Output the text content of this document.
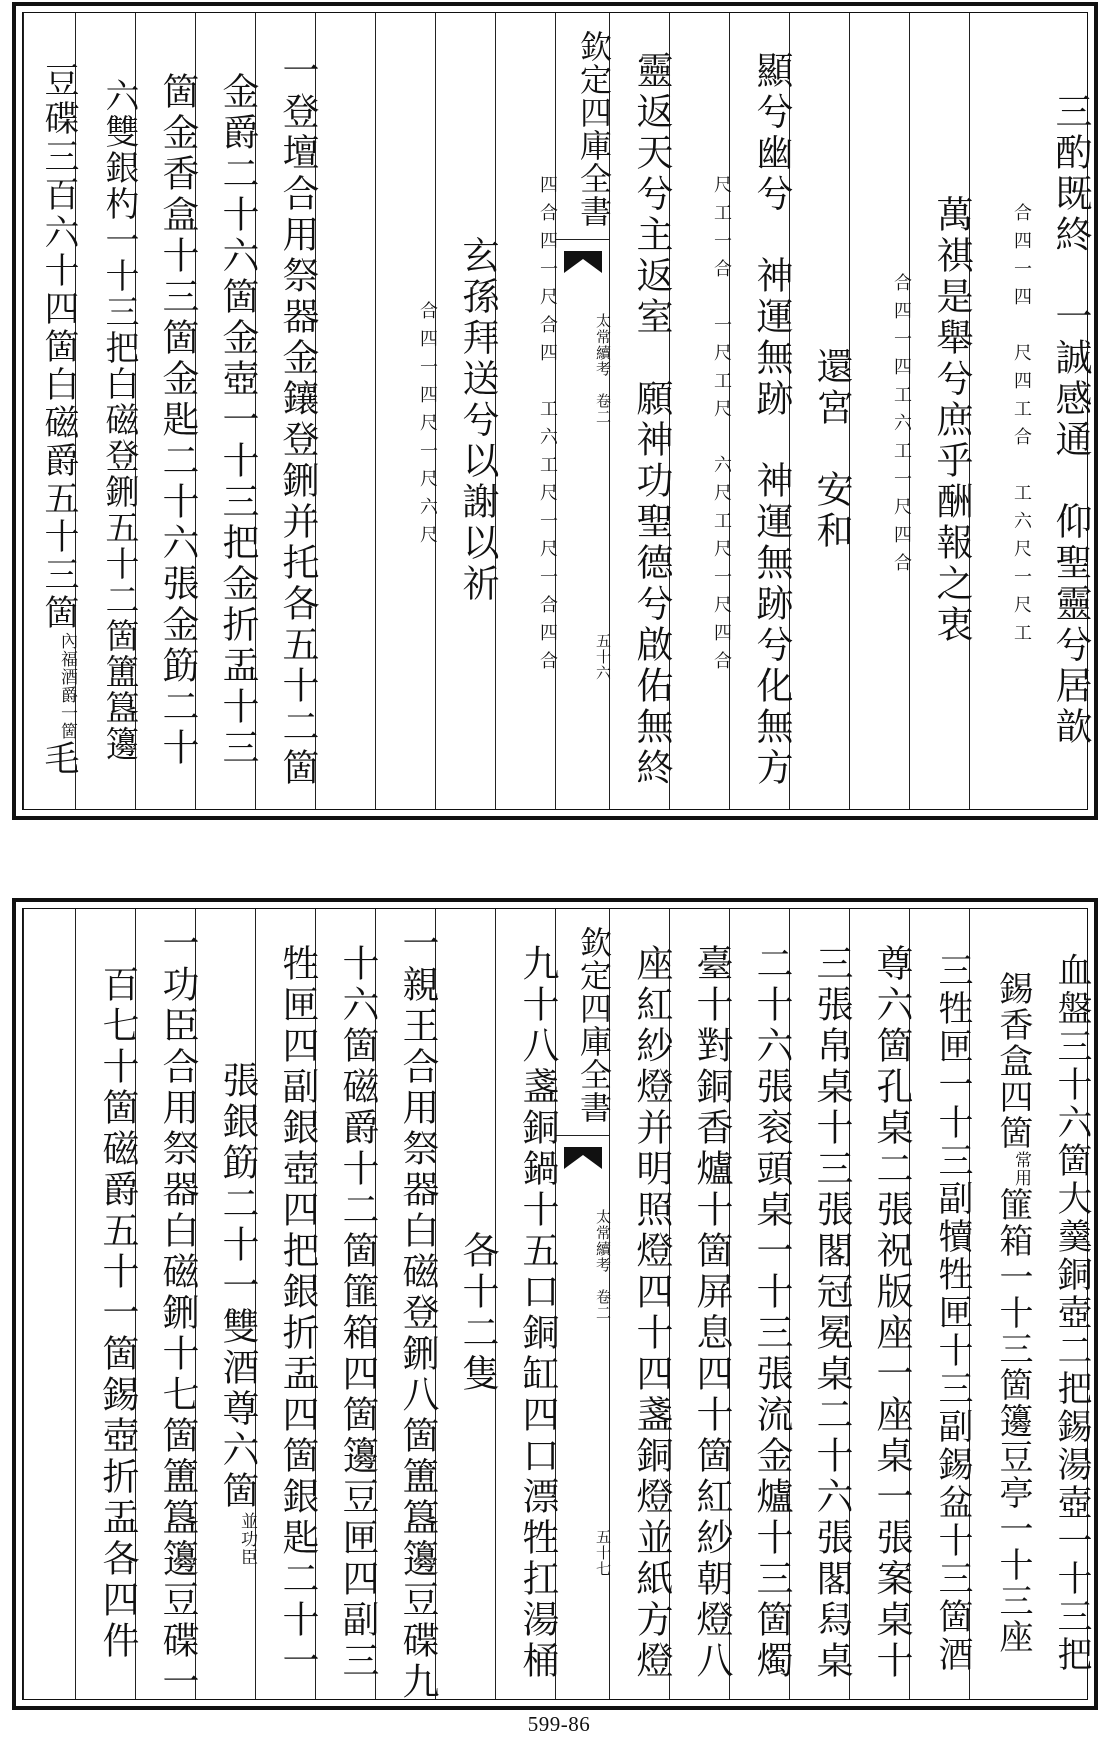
三酌既終　一誠感通　仰聖靈兮居歆
合四一四　尺四工合　工六尺一尺工
萬祺是舉兮庶乎酬報之衷
合四一四工六工一尺四合
還宮　安和
顯兮幽兮　神運無跡　神運無跡兮化無方
尺工一合　一尺工尺　六尺工尺一尺四合
靈返天兮主返室　願神功聖德兮啟佑無終
欽定四庫全書
太常續考　卷二
五十六
四合四一尺合四　工六工尺一尺一合四合
玄孫拜送兮以謝以祈
合四一四尺一尺六尺
一登壇合用祭器金鑲登鉶并托各五十二箇
金爵二十六箇金壺一十三把金折盂十三
箇金香盒十三箇金匙二十六張金筯二十
六雙銀杓一十三把白磁登鉶五十二箇簠簋籩
豆碟三百六十四箇白磁爵五十三箇
內福酒爵一箇
毛
血盤三十六箇大羹銅壺二把錫湯壺一十三把
錫香盒四箇
常用
篚箱一十三箇籩豆亭一十三座
三牲匣一十三副犢牲匣十三副錫盆十三箇酒
尊六箇孔桌二張祝版座一座桌一張案桌十
三張帛桌十三張閣冠冕桌二十六張閣舄桌
二十六張衮頭桌一十三張流金爐十三箇燭
臺十對銅香爐十箇屏息四十箇紅紗朝燈八
座紅紗燈并明照燈四十四盞銅燈並紙方燈
欽定四庫全書
太常續考　卷二
五十七
九十八盞銅鍋十五口銅缸四口漂牲扛湯桶
各十二隻
一親王合用祭器白磁登鉶八箇簠簋籩豆碟九
十六箇磁爵十二箇篚箱四箇籩豆匣四副三
牲匣四副銀壺四把銀折盂四箇銀匙二十一
張銀筯二十一雙酒尊六箇
並功臣
一功臣合用祭器白磁鉶十七箇簠簋籩豆碟一
百七十箇磁爵五十一箇錫壺折盂各四件
599-86
